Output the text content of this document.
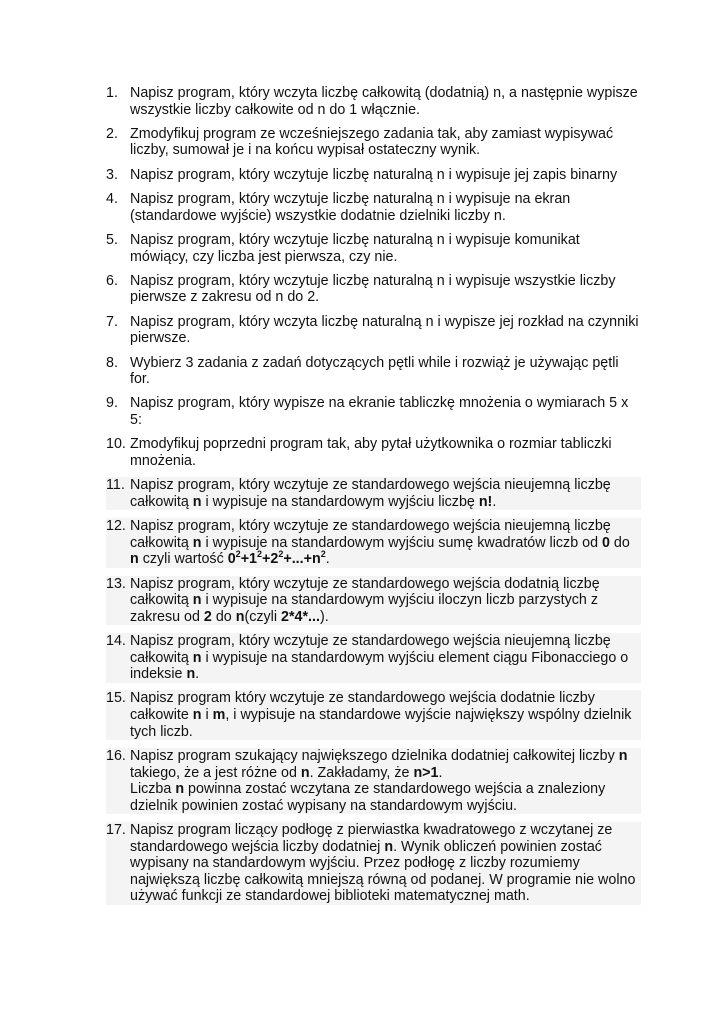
1. Napisz program, który wczyta liczbę całkowitą (dodatnią) n, a następnie wypisze wszystkie liczby całkowite od n do 1 włącznie.
2. Zmodyfikuj program ze wcześniejszego zadania tak, aby zamiast wypisywać liczby, sumował je i na końcu wypisał ostateczny wynik.
3. Napisz program, który wczytuje liczbę naturalną n i wypisuje jej zapis binarny
4. Napisz program, który wczytuje liczbę naturalną n i wypisuje na ekran (standardowe wyjście) wszystkie dodatnie dzielniki liczby n.
5. Napisz program, który wczytuje liczbę naturalną n i wypisuje komunikat mówiący, czy liczba jest pierwsza, czy nie.
6. Napisz program, który wczytuje liczbę naturalną n i wypisuje wszystkie liczby pierwsze z zakresu od n do 2.
7. Napisz program, który wczyta liczbę naturalną n i wypisze jej rozkład na czynniki pierwsze.
8. Wybierz 3 zadania z zadań dotyczących pętli while i rozwiąż je używając pętli for.
9. Napisz program, który wypisze na ekranie tabliczkę mnożenia o wymiarach 5 x 5:
10. Zmodyfikuj poprzedni program tak, aby pytał użytkownika o rozmiar tabliczki mnożenia.
11. Napisz program, który wczytuje ze standardowego wejścia nieujemną liczbę całkowitą n i wypisuje na standardowym wyjściu liczbę n!.
12. Napisz program, który wczytuje ze standardowego wejścia nieujemną liczbę całkowitą n i wypisuje na standardowym wyjściu sumę kwadratów liczb od 0 do n czyli wartość $0^2+1^2+2^2+...+n^2$.
13. Napisz program, który wczytuje ze standardowego wejścia dodatnią liczbę całkowitą n i wypisuje na standardowym wyjściu iloczyn liczb parzystych z zakresu od 2 do n(czyli 2*4*...).
14. Napisz program, który wczytuje ze standardowego wejścia nieujemną liczbę całkowitą n i wypisuje na standardowym wyjściu element ciągu Fibonacciego o indeksie n.
15. Napisz program który wczytuje ze standardowego wejścia dodatnie liczby całkowite n i m, i wypisuje na standardowe wyjście największy wspólny dzielnik tych liczb.
16. Napisz program szukający największego dzielnika dodatniej całkowitej liczby n takiego, że a jest różne od n. Zakładamy, że n>1.
Liczba n powinna zostać wczytana ze standardowego wejścia a znaleziony dzielnik powinien zostać wypisany na standardowym wyjściu.
17. Napisz program liczący podłogę z pierwiastka kwadratowego z wczytanej ze standardowego wejścia liczby dodatniej n. Wynik obliczeń powinien zostać wypisany na standardowym wyjściu. Przez podłogę z liczby rozumiemy największą liczbę całkowitą mniejszą równą od podanej. W programie nie wolno używać funkcji ze standardowej biblioteki matematycznej math.
